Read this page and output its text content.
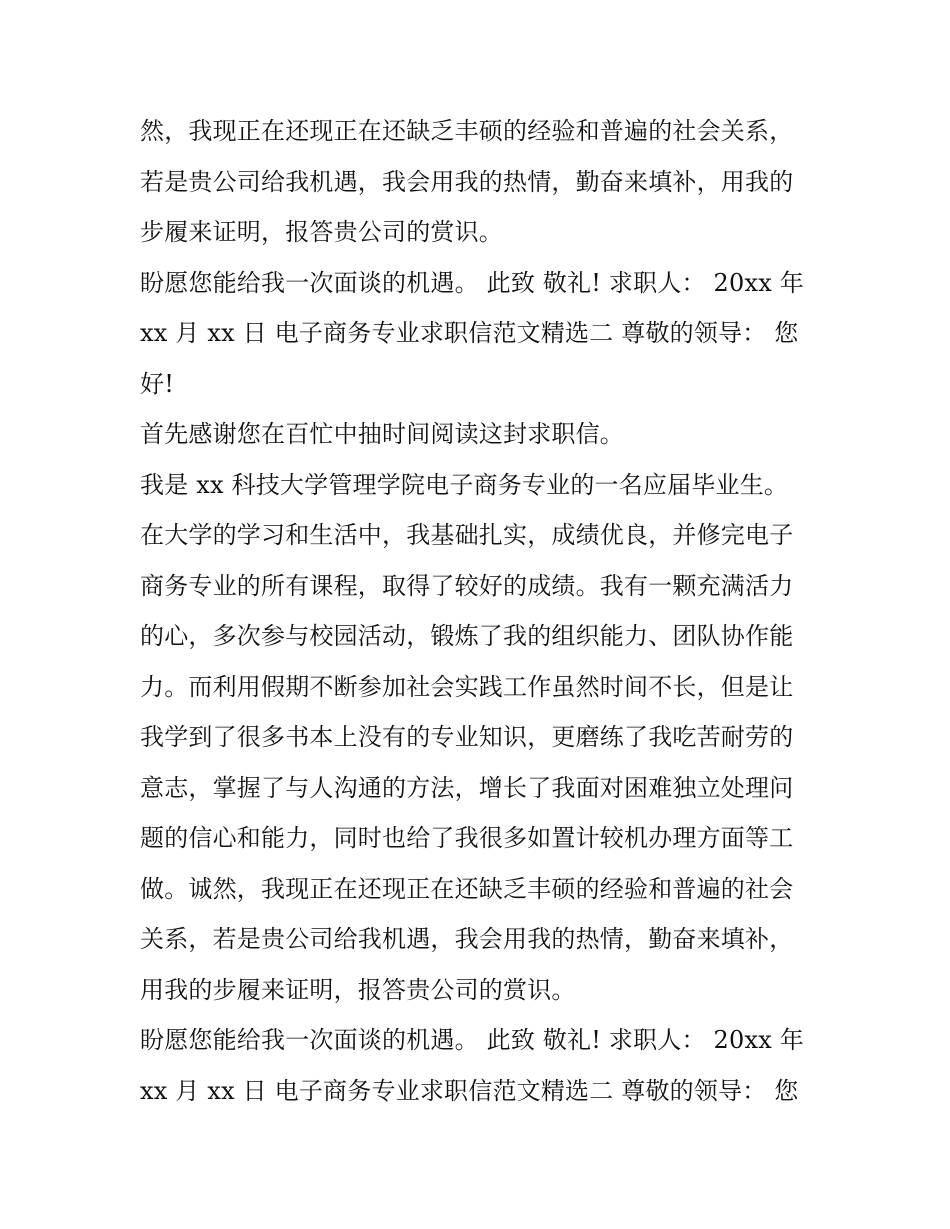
然，我现正在还现正在还缺乏丰硕的经验和普遍的社会关系，
若是贵公司给我机遇，我会用我的热情，勤奋来填补，用我的
步履来证明，报答贵公司的赏识。
盼愿您能给我一次面谈的机遇。 此致 敬礼! 求职人： 20xx 年
xx 月 xx 日 电子商务专业求职信范文精选二 尊敬的领导： 您
好!
首先感谢您在百忙中抽时间阅读这封求职信。
我是 xx 科技大学管理学院电子商务专业的一名应届毕业生。
在大学的学习和生活中，我基础扎实，成绩优良，并修完电子
商务专业的所有课程，取得了较好的成绩。我有一颗充满活力
的心，多次参与校园活动，锻炼了我的组织能力、团队协作能
力。而利用假期不断参加社会实践工作虽然时间不长，但是让
我学到了很多书本上没有的专业知识，更磨练了我吃苦耐劳的
意志，掌握了与人沟通的方法，增长了我面对困难独立处理问
题的信心和能力，同时也给了我很多如置计较机办理方面等工
做。诚然，我现正在还现正在还缺乏丰硕的经验和普遍的社会
关系，若是贵公司给我机遇，我会用我的热情，勤奋来填补，
用我的步履来证明，报答贵公司的赏识。
盼愿您能给我一次面谈的机遇。 此致 敬礼! 求职人： 20xx 年
xx 月 xx 日 电子商务专业求职信范文精选二 尊敬的领导： 您
